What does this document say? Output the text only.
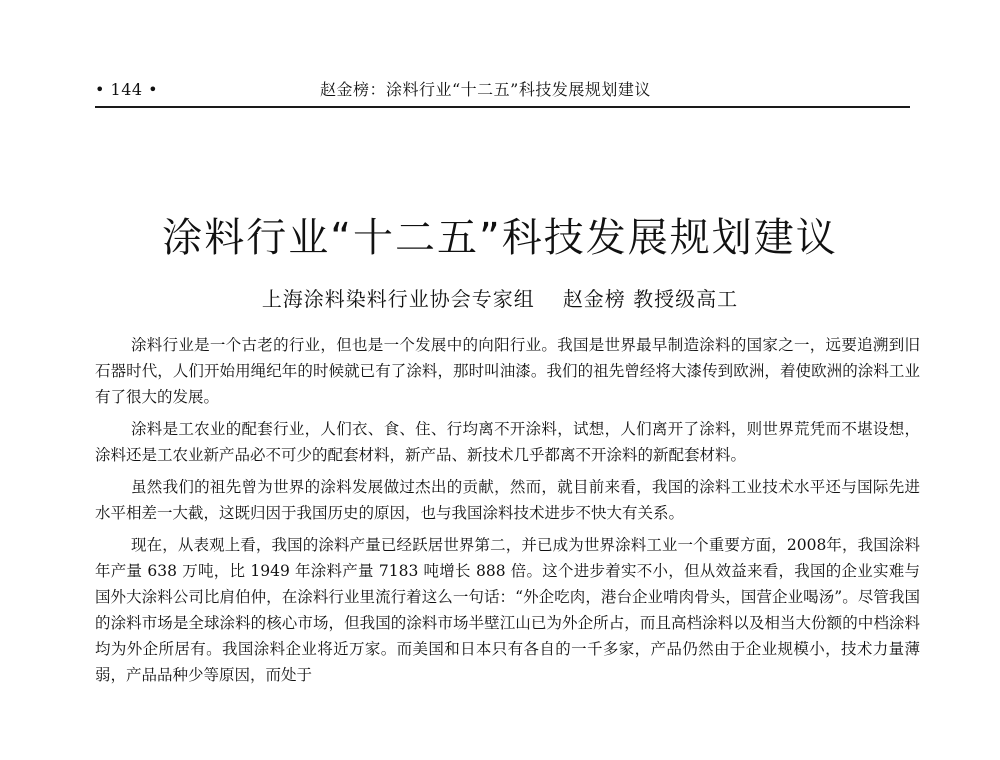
• 144 •	赵金榜：涂料行业“十二五”科技发展规划建议
涂料行业“十二五”科技发展规划建议
上海涂料染料行业协会专家组 赵金榜 教授级高工

涂料行业是一个古老的行业，但也是一个发展中的向阳行业。我国是世界最早制造涂料的国家之一，远要追溯到旧石器时代，人们开始用绳纪年的时候就已有了涂料，那时叫油漆。我们的祖先曾经将大漆传到欧洲，着使欧洲的涂料工业有了很大的发展。

涂料是工农业的配套行业，人们衣、食、住、行均离不开涂料，试想，人们离开了涂料，则世界荒凭而不堪设想，涂料还是工农业新产品必不可少的配套材料，新产品、新技术几乎都离不开涂料的新配套材料。

虽然我们的祖先曾为世界的涂料发展做过杰出的贡献，然而，就目前来看，我国的涂料工业技术水平还与国际先进水平相差一大截，这既归因于我国历史的原因，也与我国涂料技术进步不快大有关系。

现在，从表观上看，我国的涂料产量已经跃居世界第二，并已成为世界涂料工业一个重要方面，2008年，我国涂料年产量 638 万吨，比 1949 年涂料产量 7183 吨增长 888 倍。这个进步着实不小，但从效益来看，我国的企业实难与国外大涂料公司比肩伯仲，在涂料行业里流行着这么一句话：“外企吃肉，港台企业啃肉骨头，国营企业喝汤”。尽管我国的涂料市场是全球涂料的核心市场，但我国的涂料市场半壁江山已为外企所占，而且高档涂料以及相当大份额的中档涂料均为外企所居有。我国涂料企业将近万家。而美国和日本只有各自的一千多家，产品仍然由于企业规模小，技术力量薄弱，产品品种少等原因，而处于
